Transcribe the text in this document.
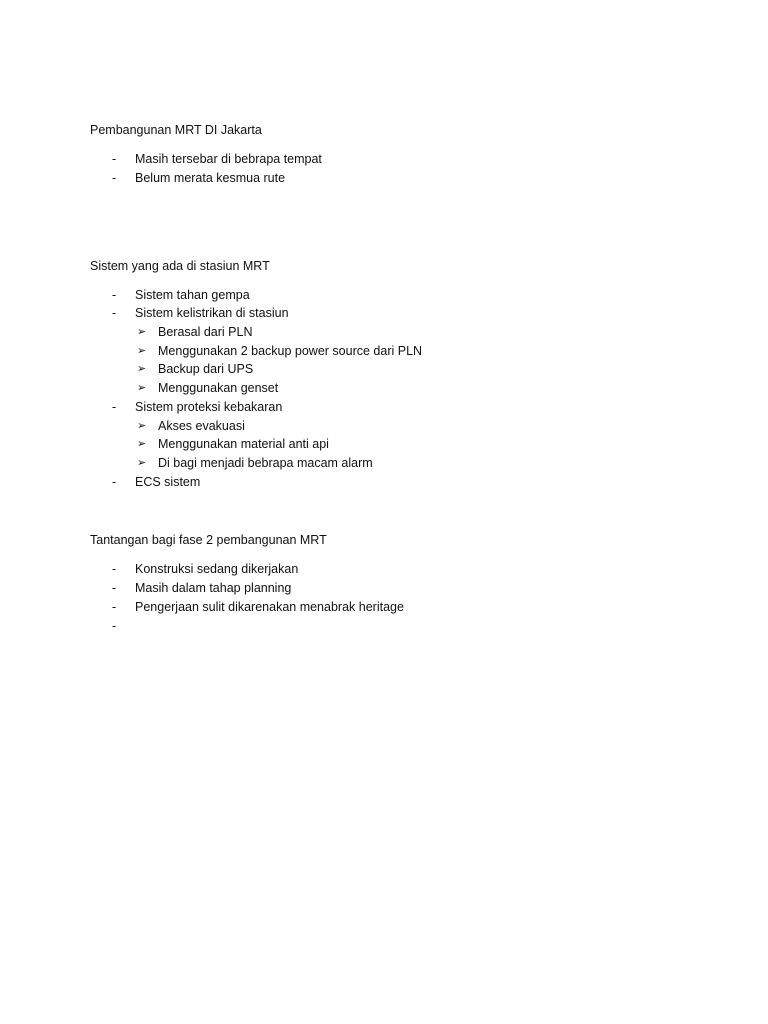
Pembangunan MRT DI Jakarta
- Masih tersebar di bebrapa tempat
- Belum merata kesmua rute
Sistem yang ada di stasiun MRT
- Sistem tahan gempa
- Sistem kelistrikan di stasiun
➢ Berasal dari PLN
➢ Menggunakan 2 backup power source dari PLN
➢ Backup dari UPS
➢ Menggunakan genset
- Sistem proteksi kebakaran
➢ Akses evakuasi
➢ Menggunakan material anti api
➢ Di bagi menjadi bebrapa macam alarm
- ECS sistem
Tantangan bagi fase 2 pembangunan MRT
- Konstruksi sedang dikerjakan
- Masih dalam tahap planning
- Pengerjaan sulit dikarenakan menabrak heritage
-
